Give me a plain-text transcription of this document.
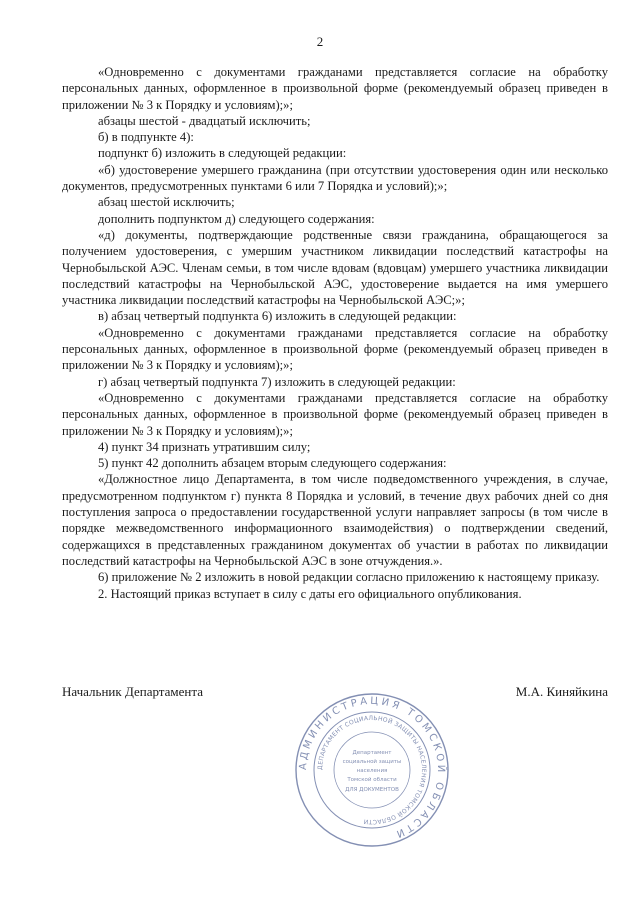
2

«Одновременно с документами гражданами представляется согласие на обработку персональных данных, оформленное в произвольной форме (рекомендуемый образец приведен в приложении № 3 к Порядку и условиям);»;

абзацы шестой - двадцатый исключить;

б) в подпункте 4):

подпункт б) изложить в следующей редакции:

«б) удостоверение умершего гражданина (при отсутствии удостоверения один или несколько документов, предусмотренных пунктами 6 или 7 Порядка и условий);»;

абзац шестой исключить;

дополнить подпунктом д) следующего содержания:

«д) документы, подтверждающие родственные связи гражданина, обращающегося за получением удостоверения, с умершим участником ликвидации последствий катастрофы на Чернобыльской АЭС. Членам семьи, в том числе вдовам (вдовцам) умершего участника ликвидации последствий катастрофы на Чернобыльской АЭС, удостоверение выдается на имя умершего участника ликвидации последствий катастрофы на Чернобыльской АЭС;»;

в) абзац четвертый подпункта 6) изложить в следующей редакции:

«Одновременно с документами гражданами представляется согласие на обработку персональных данных, оформленное в произвольной форме (рекомендуемый образец приведен в приложении № 3 к Порядку и условиям);»;

г) абзац четвертый подпункта 7) изложить в следующей редакции:

«Одновременно с документами гражданами представляется согласие на обработку персональных данных, оформленное в произвольной форме (рекомендуемый образец приведен в приложении № 3 к Порядку и условиям);»;

4) пункт 34 признать утратившим силу;

5) пункт 42 дополнить абзацем вторым следующего содержания:

«Должностное лицо Департамента, в том числе подведомственного учреждения, в случае, предусмотренном подпунктом г) пункта 8 Порядка и условий, в течение двух рабочих дней со дня поступления запроса о предоставлении государственной услуги направляет запросы (в том числе в порядке межведомственного информационного взаимодействия) о подтверждении сведений, содержащихся в представленных гражданином документах об участии в работах по ликвидации последствий катастрофы на Чернобыльской АЭС в зоне отчуждения.».

6) приложение № 2 изложить в новой редакции согласно приложению к настоящему приказу.

2. Настоящий приказ вступает в силу с даты его официального опубликования.

Начальник Департамента	М.А. Киняйкина
АДМИНИСТРАЦИЯ ТОМСКОЙ ОБЛАСТИ
ДЕПАРТАМЕНТ СОЦИАЛЬНОЙ ЗАЩИТЫ НАСЕЛЕНИЯ ТОМСКОЙ ОБЛАСТИ
Департамент
социальной защиты
населения
Томской области
ДЛЯ ДОКУМЕНТОВ
